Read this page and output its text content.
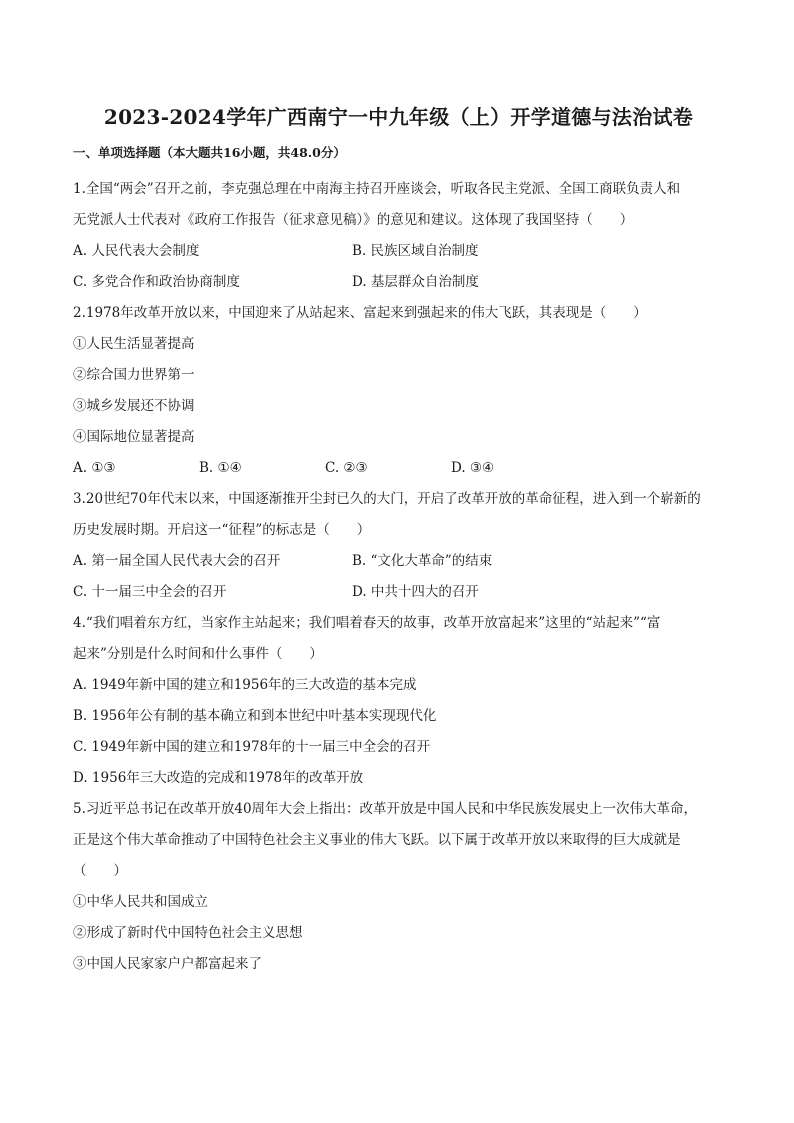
2023-2024学年广西南宁一中九年级（上）开学道德与法治试卷
一、单项选择题（本大题共16小题，共48.0分）
1.全国“两会”召开之前，李克强总理在中南海主持召开座谈会，听取各民主党派、全国工商联负责人和
无党派人士代表对《政府工作报告（征求意见稿）》的意见和建议。这体现了我国坚持（　　）
A. 人民代表大会制度	B. 民族区域自治制度
C. 多党合作和政治协商制度	D. 基层群众自治制度
2.1978年改革开放以来，中国迎来了从站起来、富起来到强起来的伟大飞跃，其表现是（　　）
①人民生活显著提高
②综合国力世界第一
③城乡发展还不协调
④国际地位显著提高
A. ①③	B. ①④	C. ②③	D. ③④
3.20世纪70年代末以来，中国逐渐推开尘封已久的大门，开启了改革开放的革命征程，进入到一个崭新的
历史发展时期。开启这一“征程”的标志是（　　）
A. 第一届全国人民代表大会的召开	B. “文化大革命”的结束
C. 十一届三中全会的召开	D. 中共十四大的召开
4.“我们唱着东方红，当家作主站起来；我们唱着春天的故事，改革开放富起来”这里的“站起来”“富
起来”分别是什么时间和什么事件（　　）
A. 1949年新中国的建立和1956年的三大改造的基本完成
B. 1956年公有制的基本确立和到本世纪中叶基本实现现代化
C. 1949年新中国的建立和1978年的十一届三中全会的召开
D. 1956年三大改造的完成和1978年的改革开放
5.习近平总书记在改革开放40周年大会上指出：改革开放是中国人民和中华民族发展史上一次伟大革命，
正是这个伟大革命推动了中国特色社会主义事业的伟大飞跃。以下属于改革开放以来取得的巨大成就是
（　　）
①中华人民共和国成立
②形成了新时代中国特色社会主义思想
③中国人民家家户户都富起来了
